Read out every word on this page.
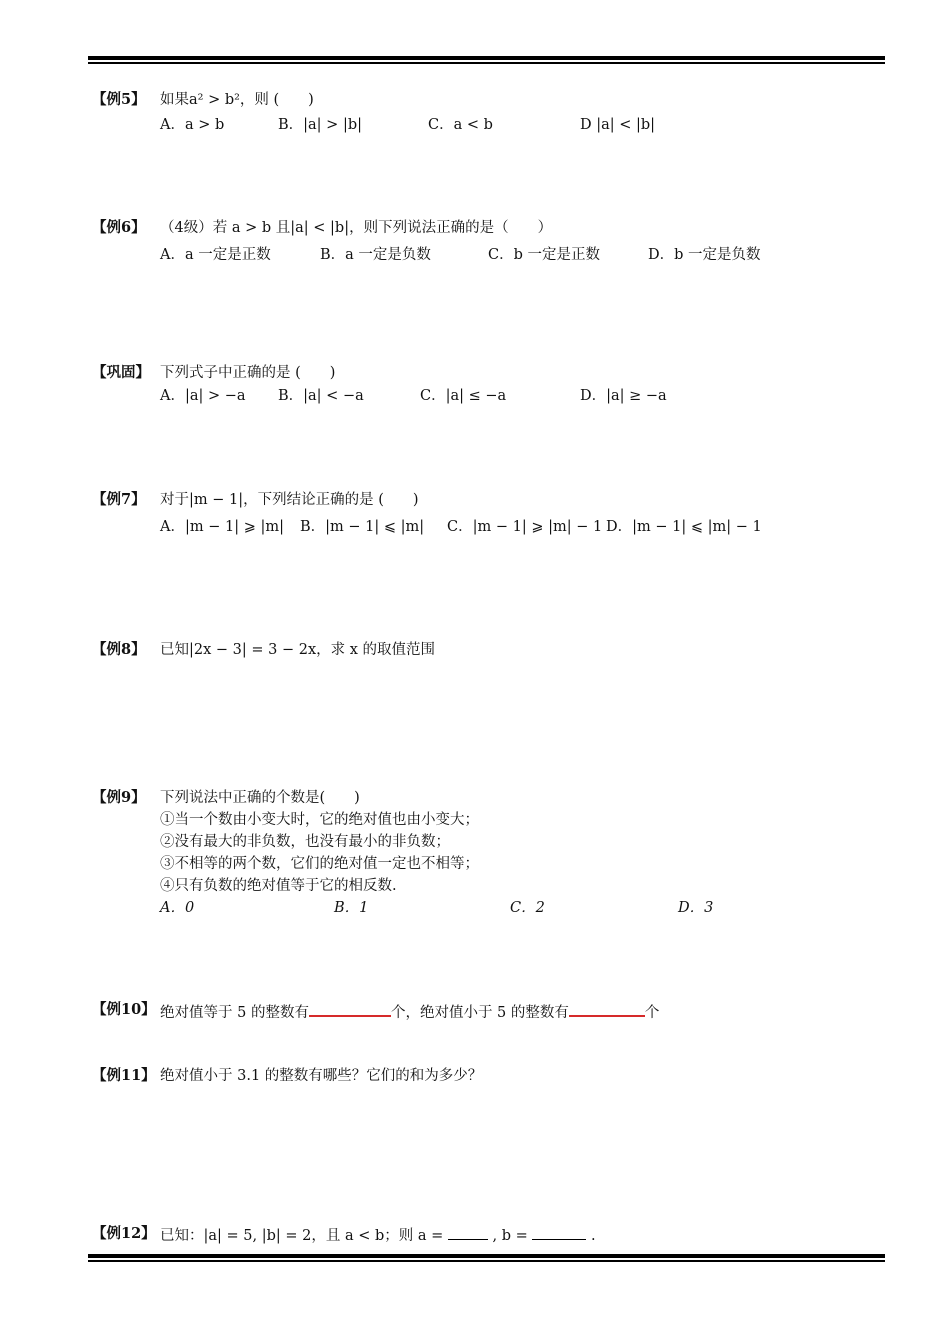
【例5】 如果a² > b²，则 (　　)
A．a > b	B．|a| > |b|	C．a < b	D |a| < |b|
【例6】 （4级）若 a > b 且|a| < |b|，则下列说法正确的是（　　）
A．a 一定是正数	B．a 一定是负数	C．b 一定是正数	D．b 一定是负数
【巩固】 下列式子中正确的是 (　　)
A．|a| > −a B．|a| < −a	C．|a| ≤ −a	D．|a| ≥ −a
【例7】 对于|m − 1|，下列结论正确的是 (　　)
A．|m − 1| ⩾ |m| B．|m − 1| ⩽ |m| C．|m − 1| ⩾ |m| − 1 D．|m − 1| ⩽ |m| − 1
【例8】 已知|2x − 3| = 3 − 2x，求 x 的取值范围
【例9】 下列说法中正确的个数是(　　)
①当一个数由小变大时，它的绝对值也由小变大；
②没有最大的非负数，也没有最小的非负数；
③不相等的两个数，它们的绝对值一定也不相等；
④只有负数的绝对值等于它的相反数.
A．0	B．1	C．2	D．3
【例10】 绝对值等于 5 的整数有	个，绝对值小于 5 的整数有	个
【例11】 绝对值小于 3.1 的整数有哪些？它们的和为多少？
【例12】 已知：|a| = 5, |b| = 2，且 a < b；则 a =	, b =	.
